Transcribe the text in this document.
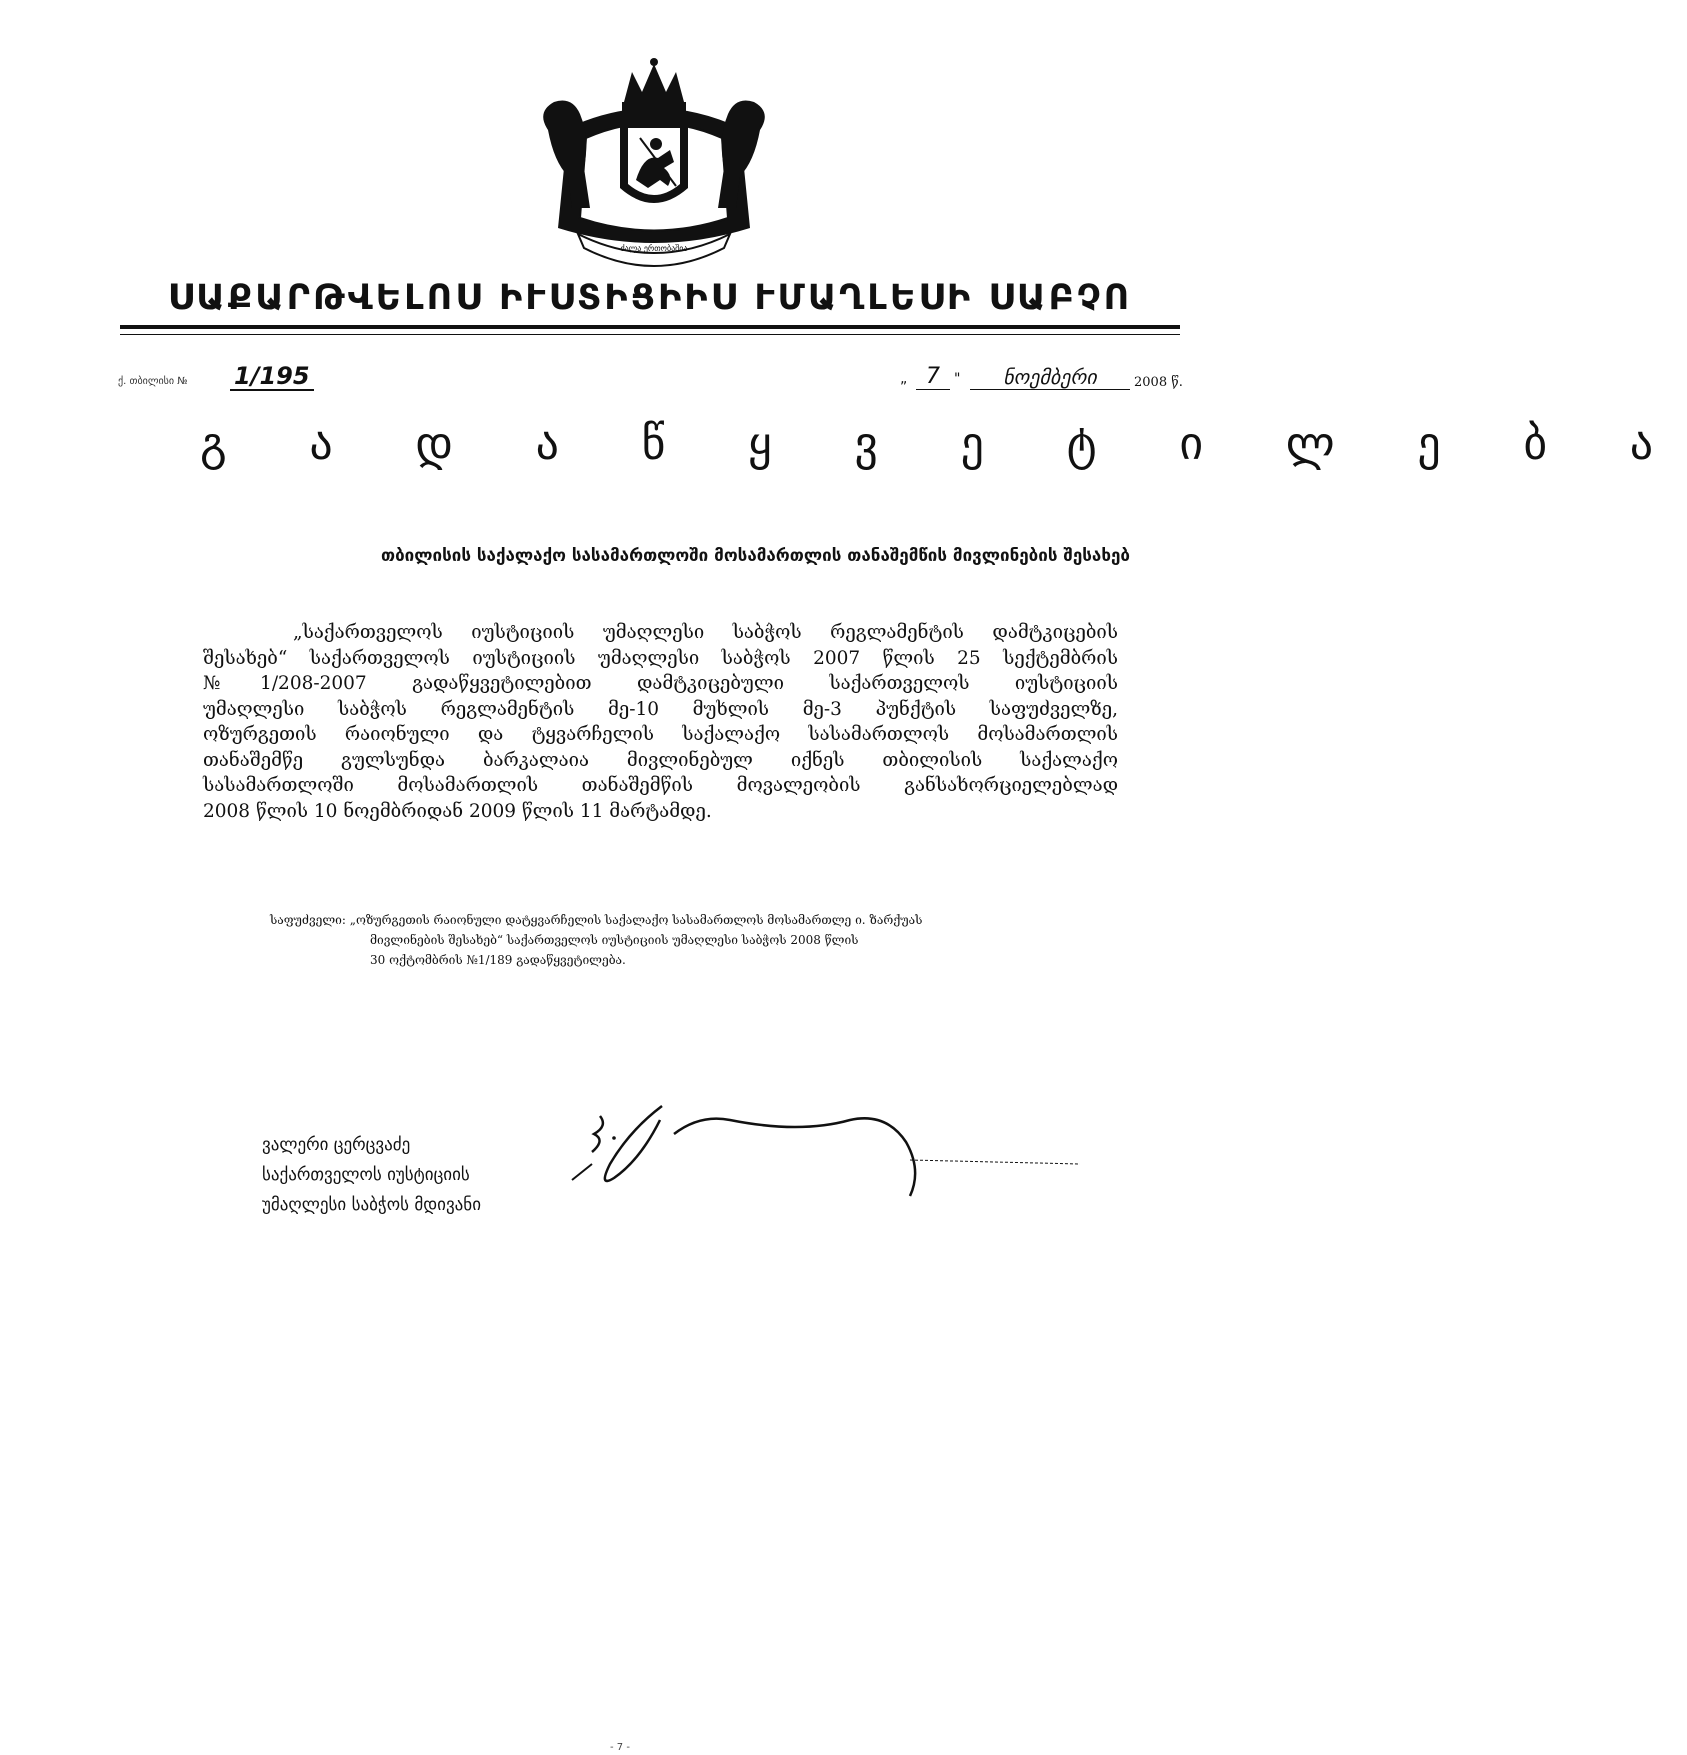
ძალა ერთობაშია
ՍԱՔԱՐԹՎԵԼՈՍ ԻՒՍՏԻՑԻԻՍ ՒՄԱՂԼԵՍԻ ՍԱԲՉՈ
ქ. თბილისი № 1/195	„ 7	"	ნოემბერი	2008 წ.
გ ა დ ა წ ყ ვ ე ტ ი ლ ე ბ ა
თბილისის საქალაქო სასამართლოში მოსამართლის თანაშემწის მივლინების შესახებ
„საქართველოს იუსტიციის უმაღლესი საბჭოს რეგლამენტის დამტკიცების
შესახებ“ საქართველოს იუსტიციის უმაღლესი საბჭოს 2007 წლის 25 სექტემბრის
№1/208-2007 გადაწყვეტილებით დამტკიცებული საქართველოს იუსტიციის
უმაღლესი საბჭოს რეგლამენტის მე-10 მუხლის მე-3 პუნქტის საფუძველზე,
ოზურგეთის რაიონული და ტყვარჩელის საქალაქო სასამართლოს მოსამართლის
თანაშემწე გულსუნდა ბარკალაია მივლინებულ იქნეს თბილისის საქალაქო
სასამართლოში მოსამართლის თანაშემწის მოვალეობის განსახორციელებლად
2008 წლის 10 ნოემბრიდან 2009 წლის 11 მარტამდე.
საფუძველი: „ოზურგეთის რაიონული დატყვარჩელის საქალაქო სასამართლოს მოსამართლე ი. ზარქუას
მივლინების შესახებ“ საქართველოს იუსტიციის უმაღლესი საბჭოს 2008 წლის
30 ოქტომბრის №1/189 გადაწყვეტილება.
ვალერი ცერცვაძე
საქართველოს იუსტიციის
უმაღლესი საბჭოს მდივანი
- 7 -
